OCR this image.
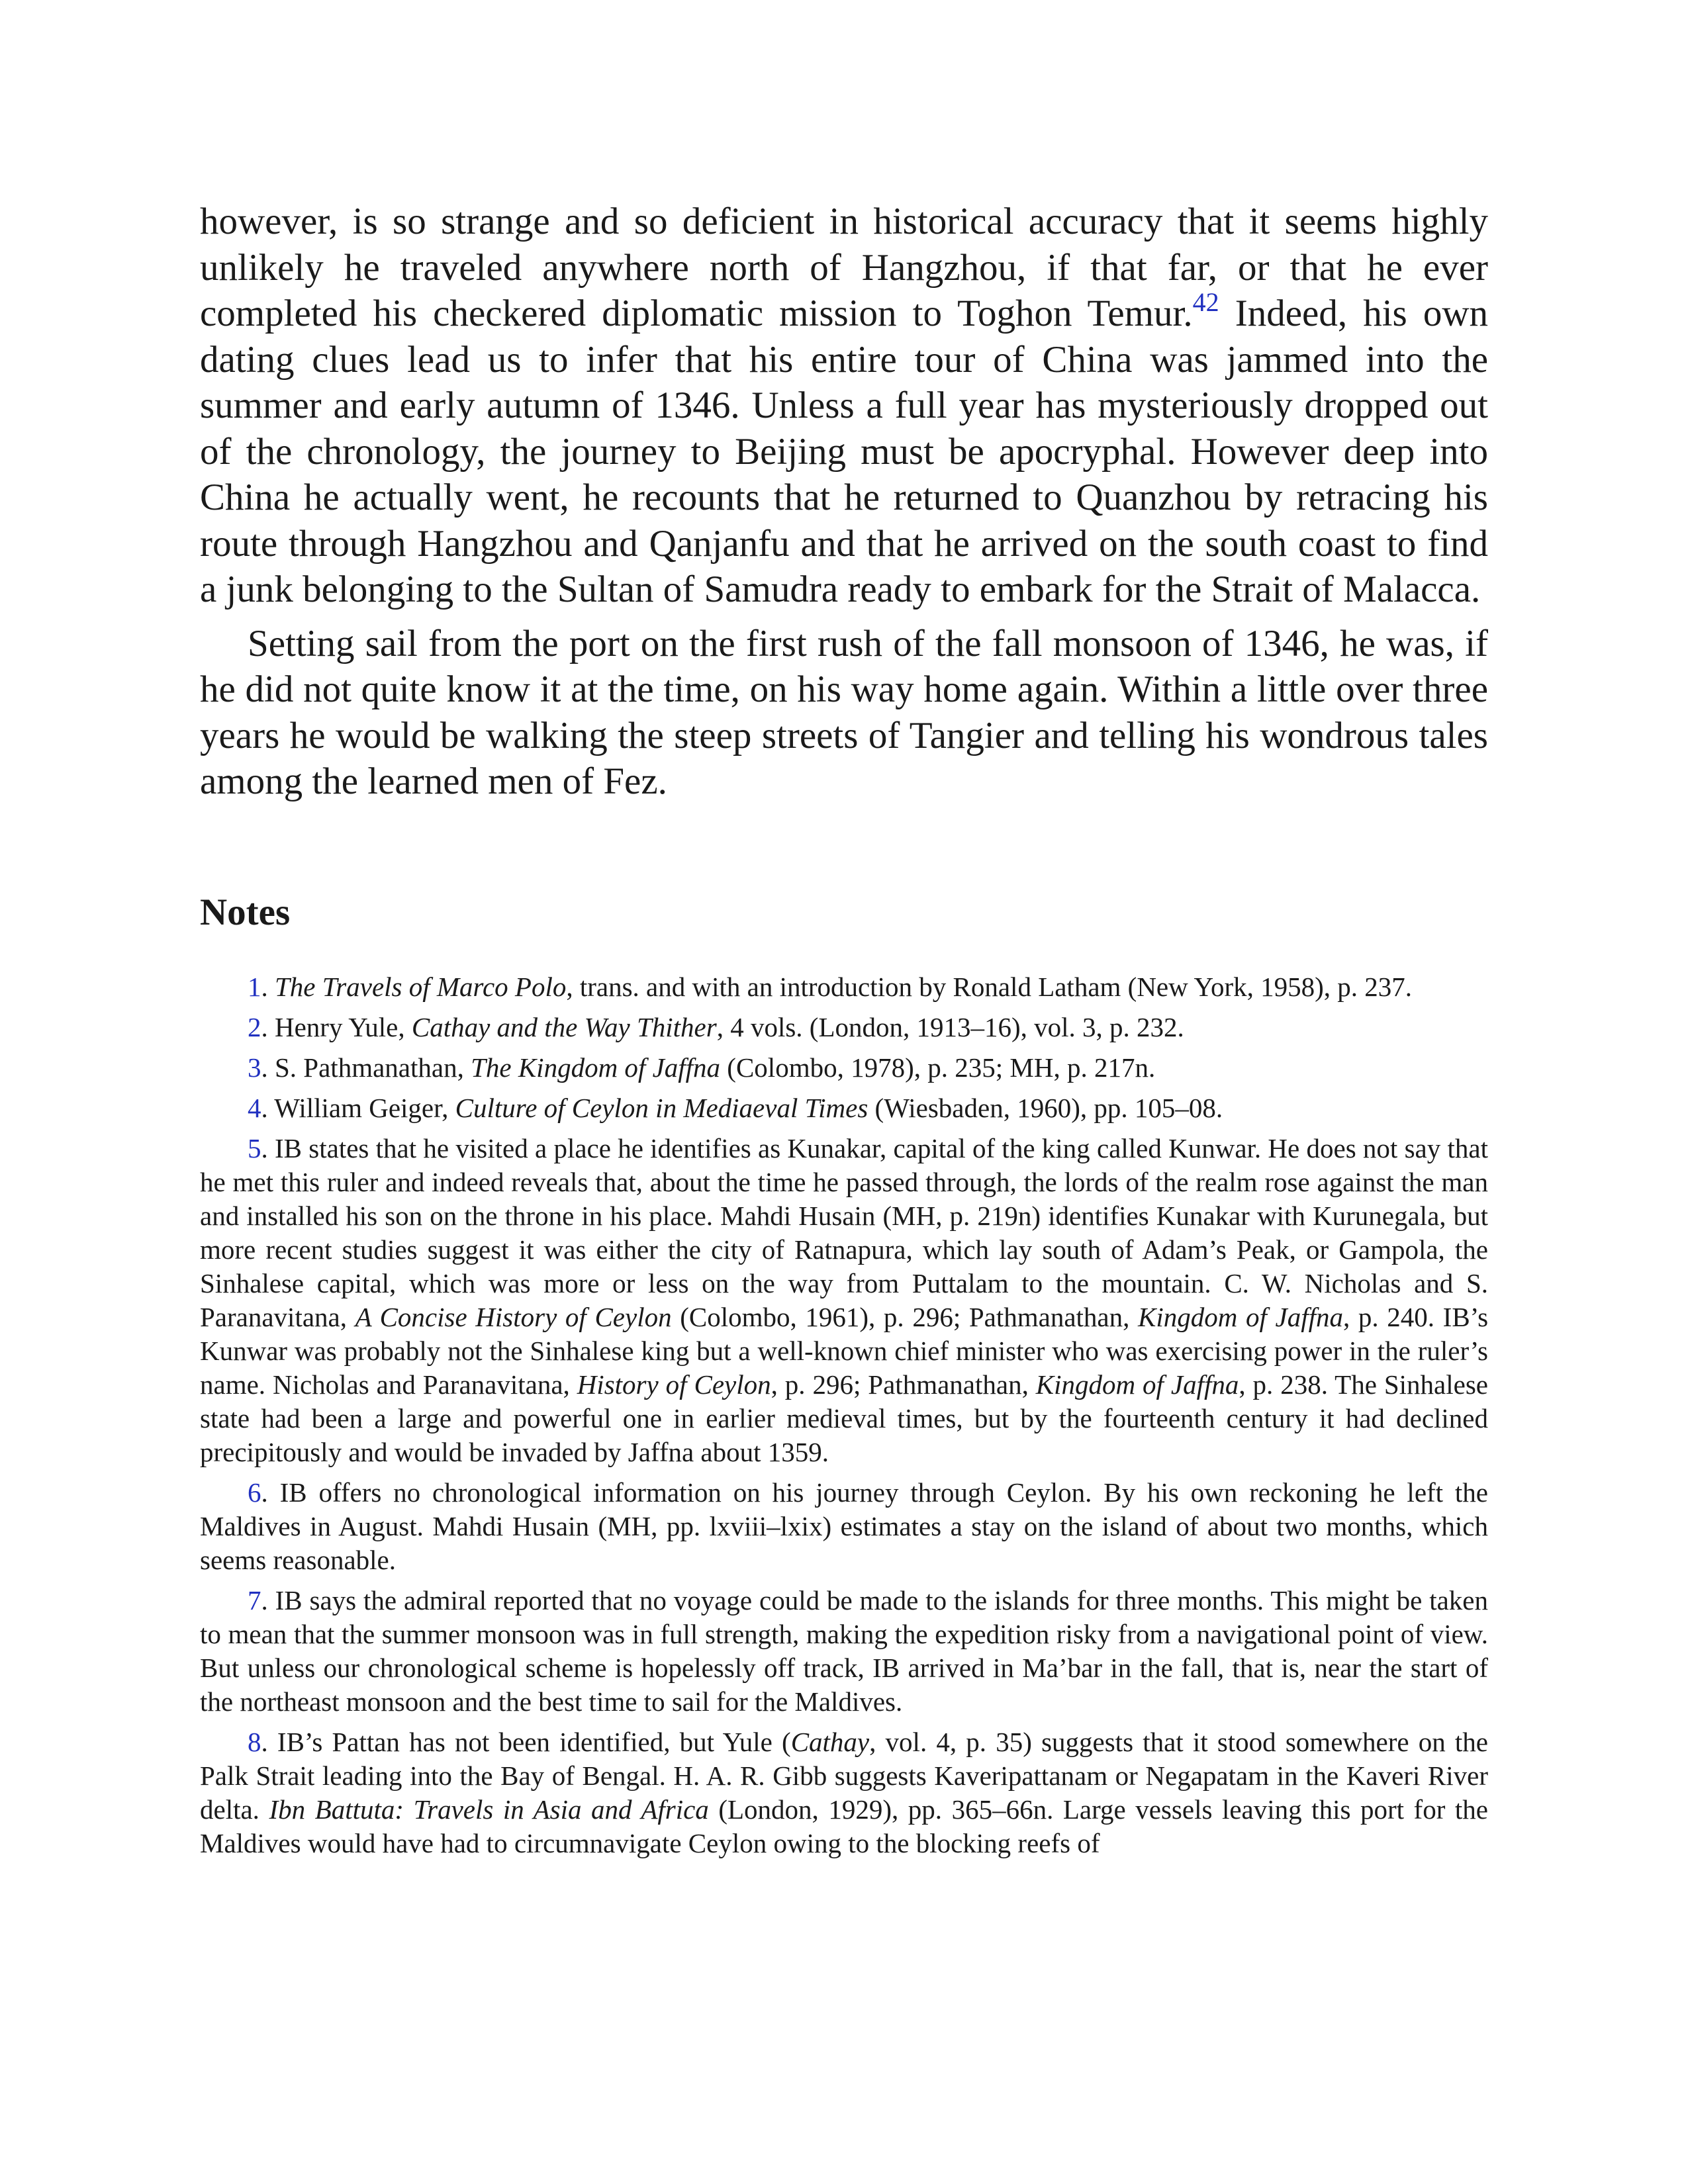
however, is so strange and so deficient in historical accuracy that it seems highly unlikely he traveled anywhere north of Hangzhou, if that far, or that he ever completed his checkered diplomatic mission to Toghon Temur.$^{42}$ Indeed, his own dating clues lead us to infer that his entire tour of China was jammed into the summer and early autumn of 1346. Unless a full year has mysteriously dropped out of the chronology, the journey to Beijing must be apocryphal. However deep into China he actually went, he recounts that he returned to Quanzhou by retracing his route through Hangzhou and Qanjanfu and that he arrived on the south coast to find a junk belonging to the Sultan of Samudra ready to embark for the Strait of Malacca.

Setting sail from the port on the first rush of the fall monsoon of 1346, he was, if he did not quite know it at the time, on his way home again. Within a little over three years he would be walking the steep streets of Tangier and telling his wondrous tales among the learned men of Fez.

Notes

1. The Travels of Marco Polo, trans. and with an introduction by Ronald Latham (New York, 1958), p. 237.

2. Henry Yule, Cathay and the Way Thither, 4 vols. (London, 1913–16), vol. 3, p. 232.

3. S. Pathmanathan, The Kingdom of Jaffna (Colombo, 1978), p. 235; MH, p. 217n.

4. William Geiger, Culture of Ceylon in Mediaeval Times (Wiesbaden, 1960), pp. 105–08.

5. IB states that he visited a place he identifies as Kunakar, capital of the king called Kunwar. He does not say that he met this ruler and indeed reveals that, about the time he passed through, the lords of the realm rose against the man and installed his son on the throne in his place. Mahdi Husain (MH, p. 219n) identifies Kunakar with Kurunegala, but more recent studies suggest it was either the city of Ratnapura, which lay south of Adam’s Peak, or Gampola, the Sinhalese capital, which was more or less on the way from Puttalam to the mountain. C. W. Nicholas and S. Paranavitana, A Concise History of Ceylon (Colombo, 1961), p. 296; Pathmanathan, Kingdom of Jaffna, p. 240. IB’s Kunwar was probably not the Sinhalese king but a well-known chief minister who was exercising power in the ruler’s name. Nicholas and Paranavitana, History of Ceylon, p. 296; Pathmanathan, Kingdom of Jaffna, p. 238. The Sinhalese state had been a large and powerful one in earlier medieval times, but by the fourteenth century it had declined precipitously and would be invaded by Jaffna about 1359.

6. IB offers no chronological information on his journey through Ceylon. By his own reckoning he left the Maldives in August. Mahdi Husain (MH, pp. lxviii–lxix) estimates a stay on the island of about two months, which seems reasonable.

7. IB says the admiral reported that no voyage could be made to the islands for three months. This might be taken to mean that the summer monsoon was in full strength, making the expedition risky from a navigational point of view. But unless our chronological scheme is hopelessly off track, IB arrived in Ma’bar in the fall, that is, near the start of the northeast monsoon and the best time to sail for the Maldives.

8. IB’s Pattan has not been identified, but Yule (Cathay, vol. 4, p. 35) suggests that it stood somewhere on the Palk Strait leading into the Bay of Bengal. H. A. R. Gibb suggests Kaveripattanam or Negapatam in the Kaveri River delta. Ibn Battuta: Travels in Asia and Africa (London, 1929), pp. 365–66n. Large vessels leaving this port for the Maldives would have had to circumnavigate Ceylon owing to the blocking reefs of
